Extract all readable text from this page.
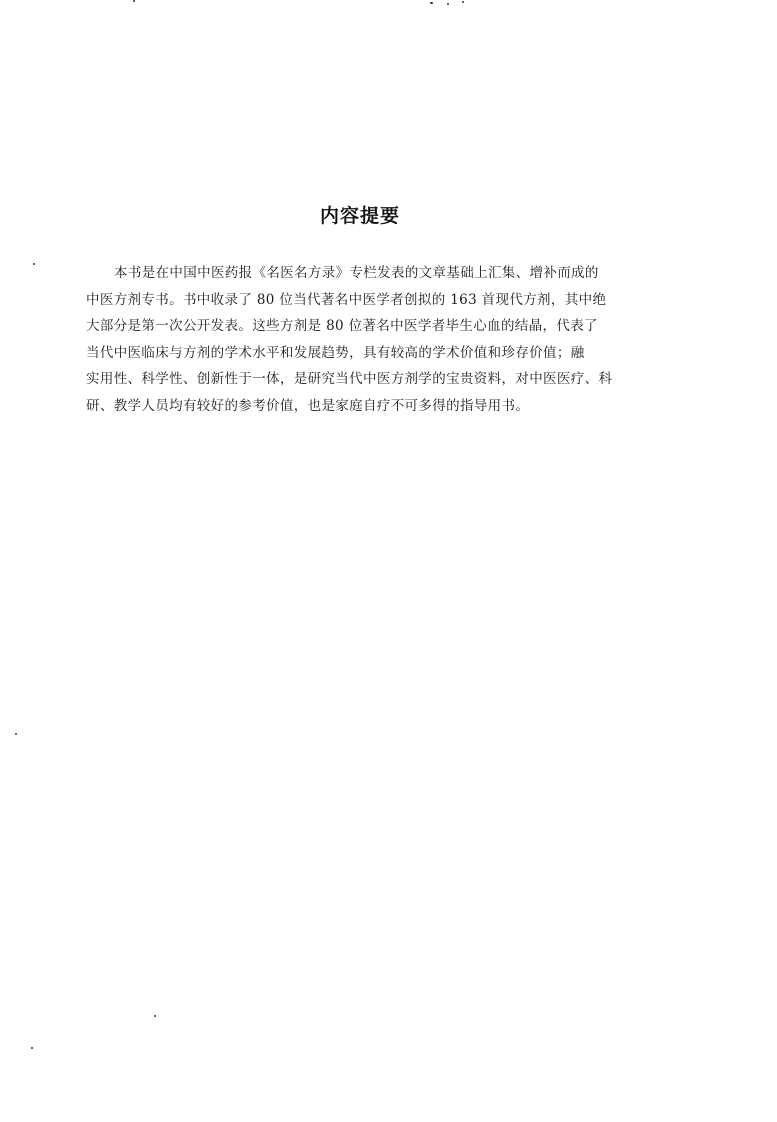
内容提要
本书是在中国中医药报《名医名方录》专栏发表的文章基础上汇集、增补而成的
中医方剂专书。书中收录了 80 位当代著名中医学者创拟的 163 首现代方剂，其中绝
大部分是第一次公开发表。这些方剂是 80 位著名中医学者毕生心血的结晶，代表了
当代中医临床与方剂的学术水平和发展趋势，具有较高的学术价值和珍存价值；融
实用性、科学性、创新性于一体，是研究当代中医方剂学的宝贵资料，对中医医疗、科
研、教学人员均有较好的参考价值，也是家庭自疗不可多得的指导用书。
